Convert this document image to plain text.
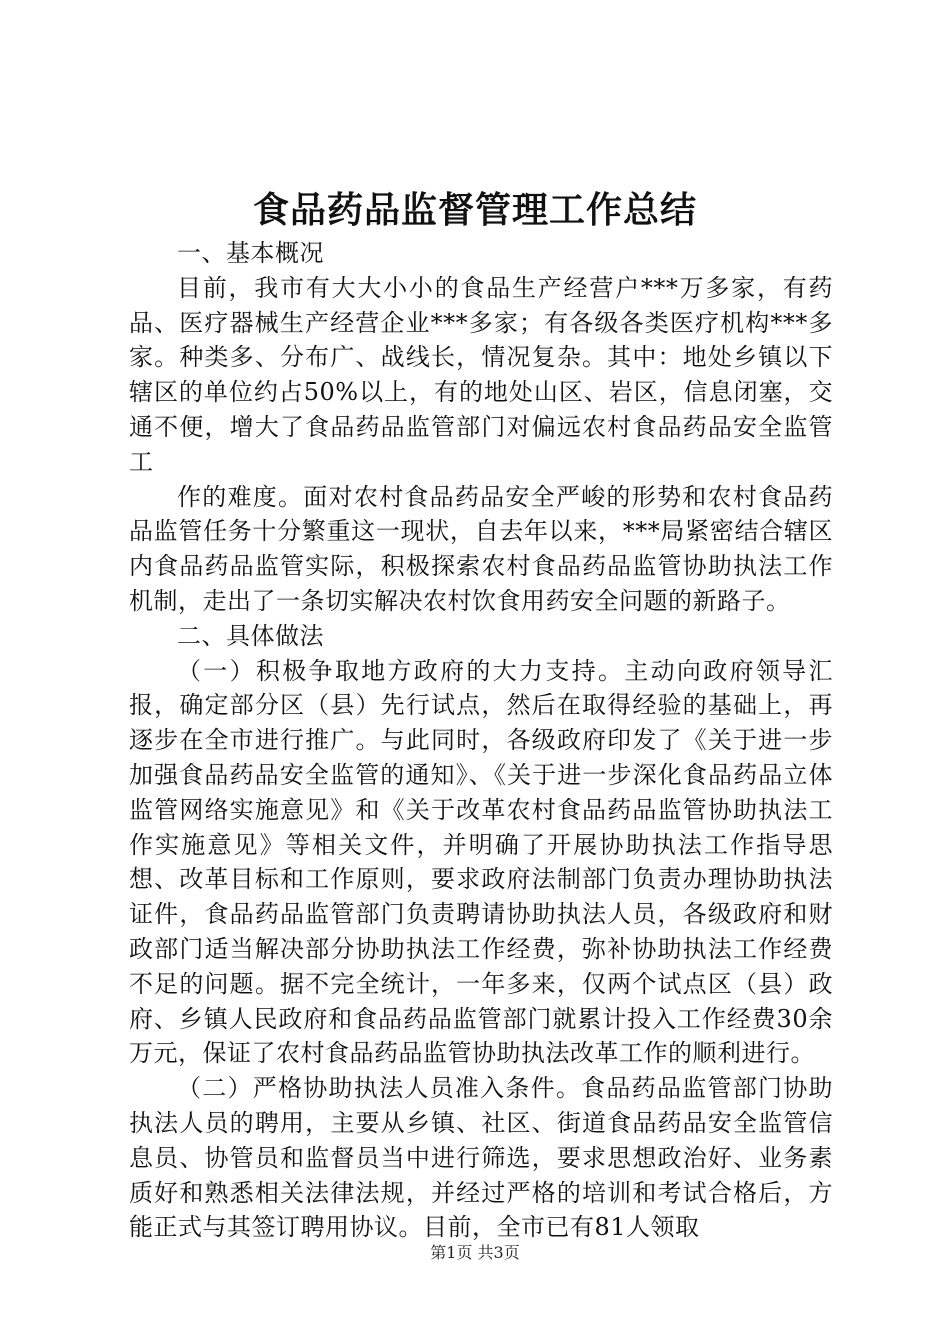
食品药品监督管理工作总结

一、基本概况

目前，我市有大大小小的食品生产经营户***万多家，有药品、医疗器械生产经营企业***多家；有各级各类医疗机构***多家。种类多、分布广、战线长，情况复杂。其中：地处乡镇以下辖区的单位约占50%以上，有的地处山区、岩区，信息闭塞，交通不便，增大了食品药品监管部门对偏远农村食品药品安全监管工

作的难度。面对农村食品药品安全严峻的形势和农村食品药品监管任务十分繁重这一现状，自去年以来，***局紧密结合辖区内食品药品监管实际，积极探索农村食品药品监管协助执法工作机制，走出了一条切实解决农村饮食用药安全问题的新路子。

二、具体做法

（一）积极争取地方政府的大力支持。主动向政府领导汇报，确定部分区（县）先行试点，然后在取得经验的基础上，再逐步在全市进行推广。与此同时，各级政府印发了《关于进一步加强食品药品安全监管的通知》、《关于进一步深化食品药品立体监管网络实施意见》和《关于改革农村食品药品监管协助执法工作实施意见》等相关文件，并明确了开展协助执法工作指导思想、改革目标和工作原则，要求政府法制部门负责办理协助执法证件，食品药品监管部门负责聘请协助执法人员，各级政府和财政部门适当解决部分协助执法工作经费，弥补协助执法工作经费不足的问题。据不完全统计，一年多来，仅两个试点区（县）政府、乡镇人民政府和食品药品监管部门就累计投入工作经费30余万元，保证了农村食品药品监管协助执法改革工作的顺利进行。

（二）严格协助执法人员准入条件。食品药品监管部门协助执法人员的聘用，主要从乡镇、社区、街道食品药品安全监管信息员、协管员和监督员当中进行筛选，要求思想政治好、业务素质好和熟悉相关法律法规，并经过严格的培训和考试合格后，方能正式与其签订聘用协议。目前，全市已有81人领取

第1页 共3页
